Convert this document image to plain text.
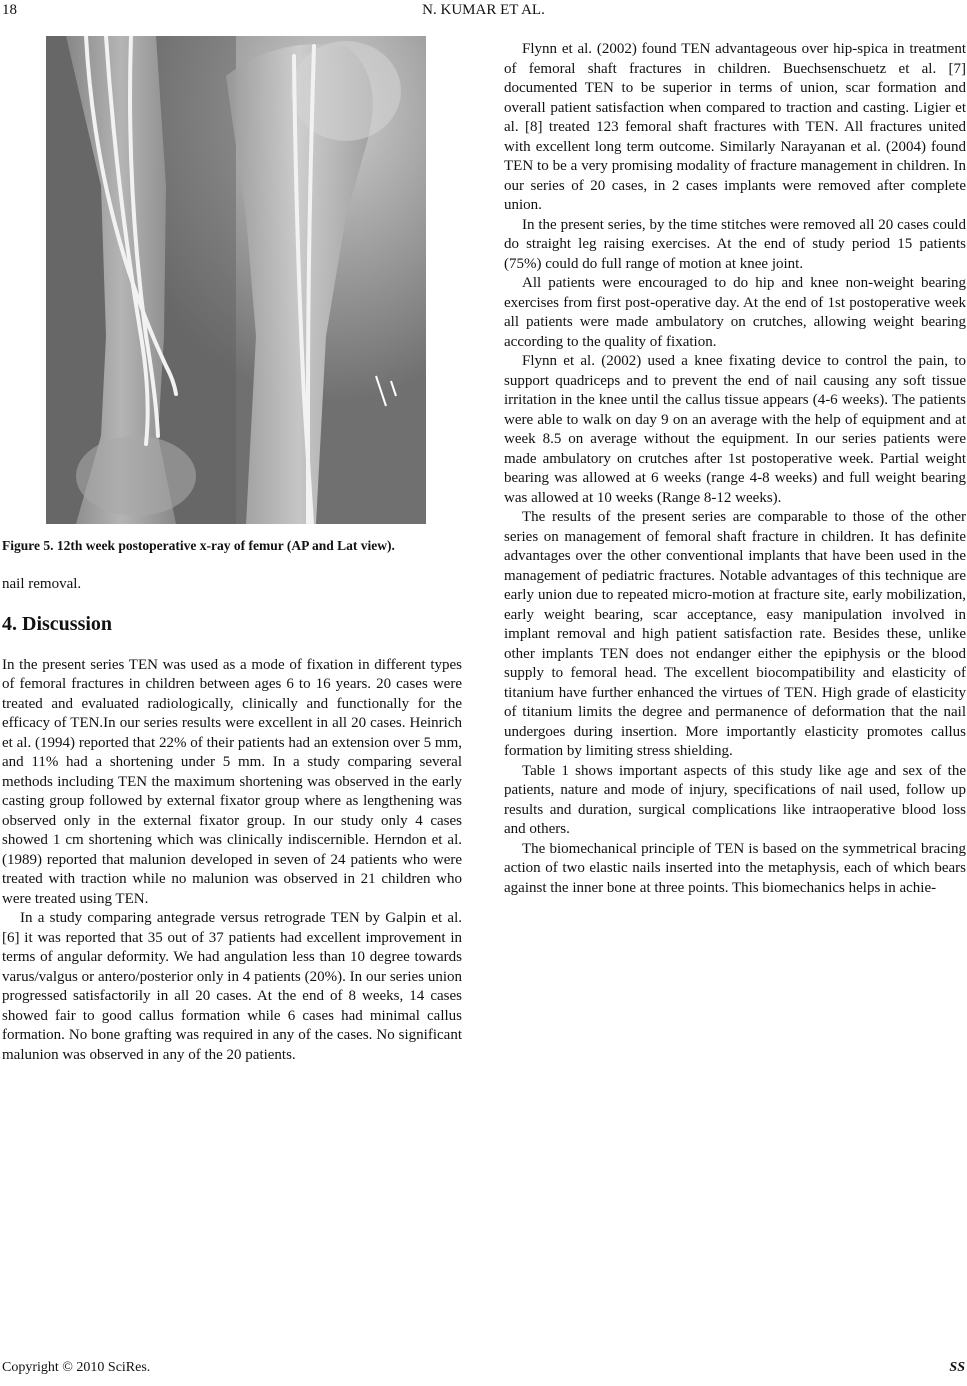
18	N. KUMAR ET AL.
Figure 5. 12th week postoperative x-ray of femur (AP and Lat view).

nail removal.

4. Discussion

In the present series TEN was used as a mode of fixation in different types of femoral fractures in children between ages 6 to 16 years. 20 cases were treated and evaluated radiologically, clinically and functionally for the efficacy of TEN.In our series results were excellent in all 20 cases. Heinrich et al. (1994) reported that 22% of their patients had an extension over 5 mm, and 11% had a shortening under 5 mm. In a study comparing several methods including TEN the maximum shortening was observed in the early casting group followed by external fixator group where as lengthening was observed only in the external fixator group. In our study only 4 cases showed 1 cm shortening which was clinically indiscernible. Herndon et al. (1989) reported that malunion developed in seven of 24 patients who were treated with traction while no malunion was observed in 21 children who were treated using TEN.

In a study comparing antegrade versus retrograde TEN by Galpin et al. [6] it was reported that 35 out of 37 patients had excellent improvement in terms of angular deformity. We had angulation less than 10 degree towards varus/valgus or antero/posterior only in 4 patients (20%). In our series union progressed satisfactorily in all 20 cases. At the end of 8 weeks, 14 cases showed fair to good callus formation while 6 cases had minimal callus formation. No bone grafting was required in any of the cases. No significant malunion was observed in any of the 20 patients.

Flynn et al. (2002) found TEN advantageous over hip-spica in treatment of femoral shaft fractures in children. Buechsenschuetz et al. [7] documented TEN to be superior in terms of union, scar formation and overall patient satisfaction when compared to traction and casting. Ligier et al. [8] treated 123 femoral shaft fractures with TEN. All fractures united with excellent long term outcome. Similarly Narayanan et al. (2004) found TEN to be a very promising modality of fracture management in children. In our series of 20 cases, in 2 cases implants were removed after complete union.

In the present series, by the time stitches were removed all 20 cases could do straight leg raising exercises. At the end of study period 15 patients (75%) could do full range of motion at knee joint.

All patients were encouraged to do hip and knee non-weight bearing exercises from first post-operative day. At the end of 1st postoperative week all patients were made ambulatory on crutches, allowing weight bearing according to the quality of fixation.

Flynn et al. (2002) used a knee fixating device to control the pain, to support quadriceps and to prevent the end of nail causing any soft tissue irritation in the knee until the callus tissue appears (4-6 weeks). The patients were able to walk on day 9 on an average with the help of equipment and at week 8.5 on average without the equipment. In our series patients were made ambulatory on crutches after 1st postoperative week. Partial weight bearing was allowed at 6 weeks (range 4-8 weeks) and full weight bearing was allowed at 10 weeks (Range 8-12 weeks).

The results of the present series are comparable to those of the other series on management of femoral shaft fracture in children. It has definite advantages over the other conventional implants that have been used in the management of pediatric fractures. Notable advantages of this technique are early union due to repeated micro-motion at fracture site, early mobilization, early weight bearing, scar acceptance, easy manipulation involved in implant removal and high patient satisfaction rate. Besides these, unlike other implants TEN does not endanger either the epiphysis or the blood supply to femoral head. The excellent biocompatibility and elasticity of titanium have further enhanced the virtues of TEN. High grade of elasticity of titanium limits the degree and permanence of deformation that the nail undergoes during insertion. More importantly elasticity promotes callus formation by limiting stress shielding.

Table 1 shows important aspects of this study like age and sex of the patients, nature and mode of injury, specifications of nail used, follow up results and duration, surgical complications like intraoperative blood loss and others.

The biomechanical principle of TEN is based on the symmetrical bracing action of two elastic nails inserted into the metaphysis, each of which bears against the inner bone at three points. This biomechanics helps in achie-

Copyright © 2010 SciRes.	SS
